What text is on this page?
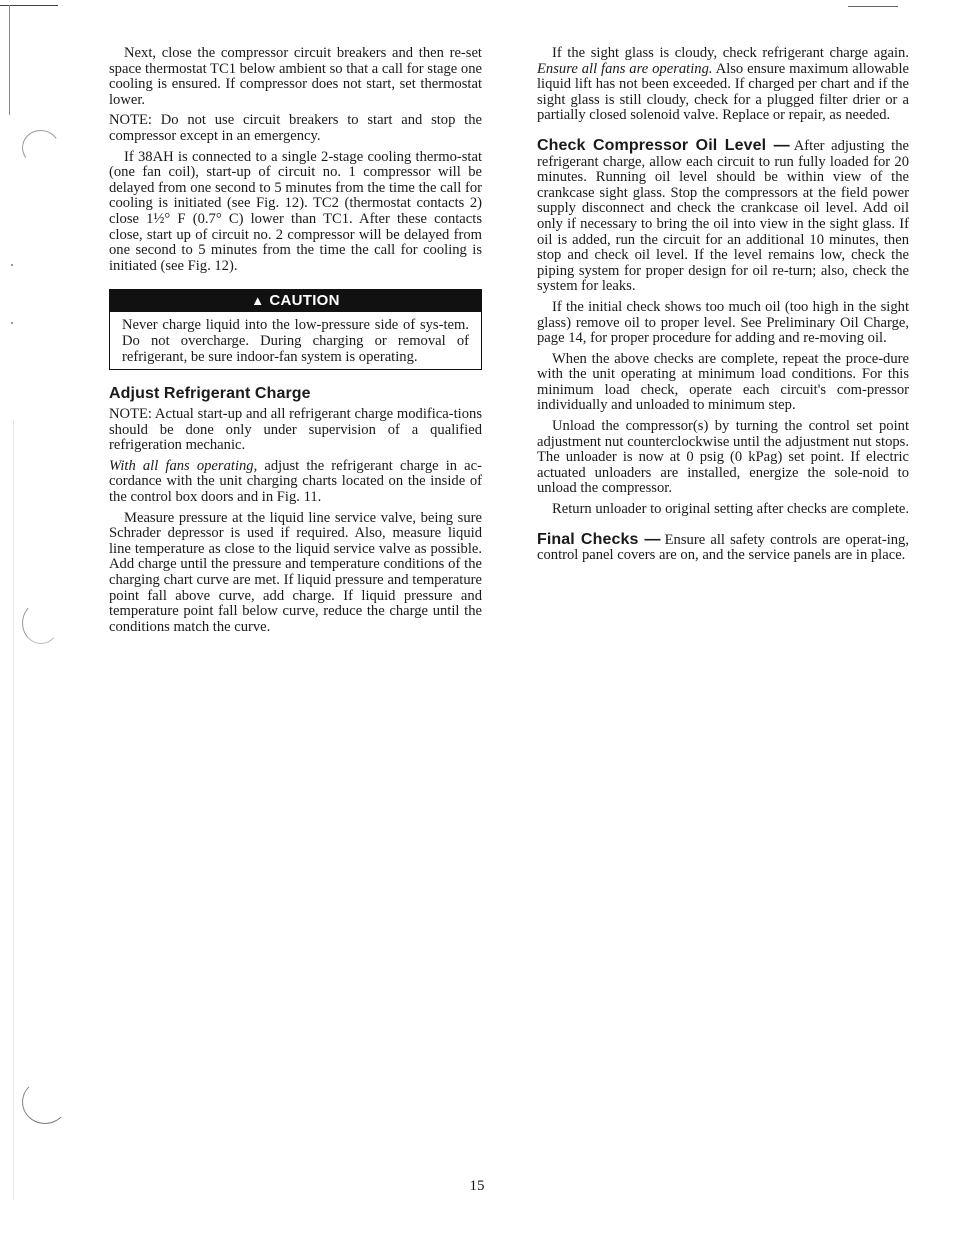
Next, close the compressor circuit breakers and then re-set space thermostat TC1 below ambient so that a call for stage one cooling is ensured. If compressor does not start, set thermostat lower.

NOTE: Do not use circuit breakers to start and stop the compressor except in an emergency.

If 38AH is connected to a single 2-stage cooling thermo-stat (one fan coil), start-up of circuit no. 1 compressor will be delayed from one second to 5 minutes from the time the call for cooling is initiated (see Fig. 12). TC2 (thermostat contacts 2) close 1½° F (0.7° C) lower than TC1. After these contacts close, start up of circuit no. 2 compressor will be delayed from one second to 5 minutes from the time the call for cooling is initiated (see Fig. 12).

▲ CAUTION
Never charge liquid into the low-pressure side of sys-tem. Do not overcharge. During charging or removal of refrigerant, be sure indoor-fan system is operating.
Adjust Refrigerant Charge

NOTE: Actual start-up and all refrigerant charge modifica-tions should be done only under supervision of a qualified refrigeration mechanic.

With all fans operating, adjust the refrigerant charge in ac-cordance with the unit charging charts located on the inside of the control box doors and in Fig. 11.

Measure pressure at the liquid line service valve, being sure Schrader depressor is used if required. Also, measure liquid line temperature as close to the liquid service valve as possible. Add charge until the pressure and temperature conditions of the charging chart curve are met. If liquid pressure and temperature point fall above curve, add charge. If liquid pressure and temperature point fall below curve, reduce the charge until the conditions match the curve.

If the sight glass is cloudy, check refrigerant charge again. Ensure all fans are operating. Also ensure maximum allowable liquid lift has not been exceeded. If charged per chart and if the sight glass is still cloudy, check for a plugged filter drier or a partially closed solenoid valve. Replace or repair, as needed.

Check Compressor Oil Level — After adjusting the refrigerant charge, allow each circuit to run fully loaded for 20 minutes. Running oil level should be within view of the crankcase sight glass. Stop the compressors at the field power supply disconnect and check the crankcase oil level. Add oil only if necessary to bring the oil into view in the sight glass. If oil is added, run the circuit for an additional 10 minutes, then stop and check oil level. If the level remains low, check the piping system for proper design for oil re-turn; also, check the system for leaks.

If the initial check shows too much oil (too high in the sight glass) remove oil to proper level. See Preliminary Oil Charge, page 14, for proper procedure for adding and re-moving oil.

When the above checks are complete, repeat the proce-dure with the unit operating at minimum load conditions. For this minimum load check, operate each circuit's com-pressor individually and unloaded to minimum step.

Unload the compressor(s) by turning the control set point adjustment nut counterclockwise until the adjustment nut stops. The unloader is now at 0 psig (0 kPag) set point. If electric actuated unloaders are installed, energize the sole-noid to unload the compressor.

Return unloader to original setting after checks are complete.

Final Checks — Ensure all safety controls are operat-ing, control panel covers are on, and the service panels are in place.

15
